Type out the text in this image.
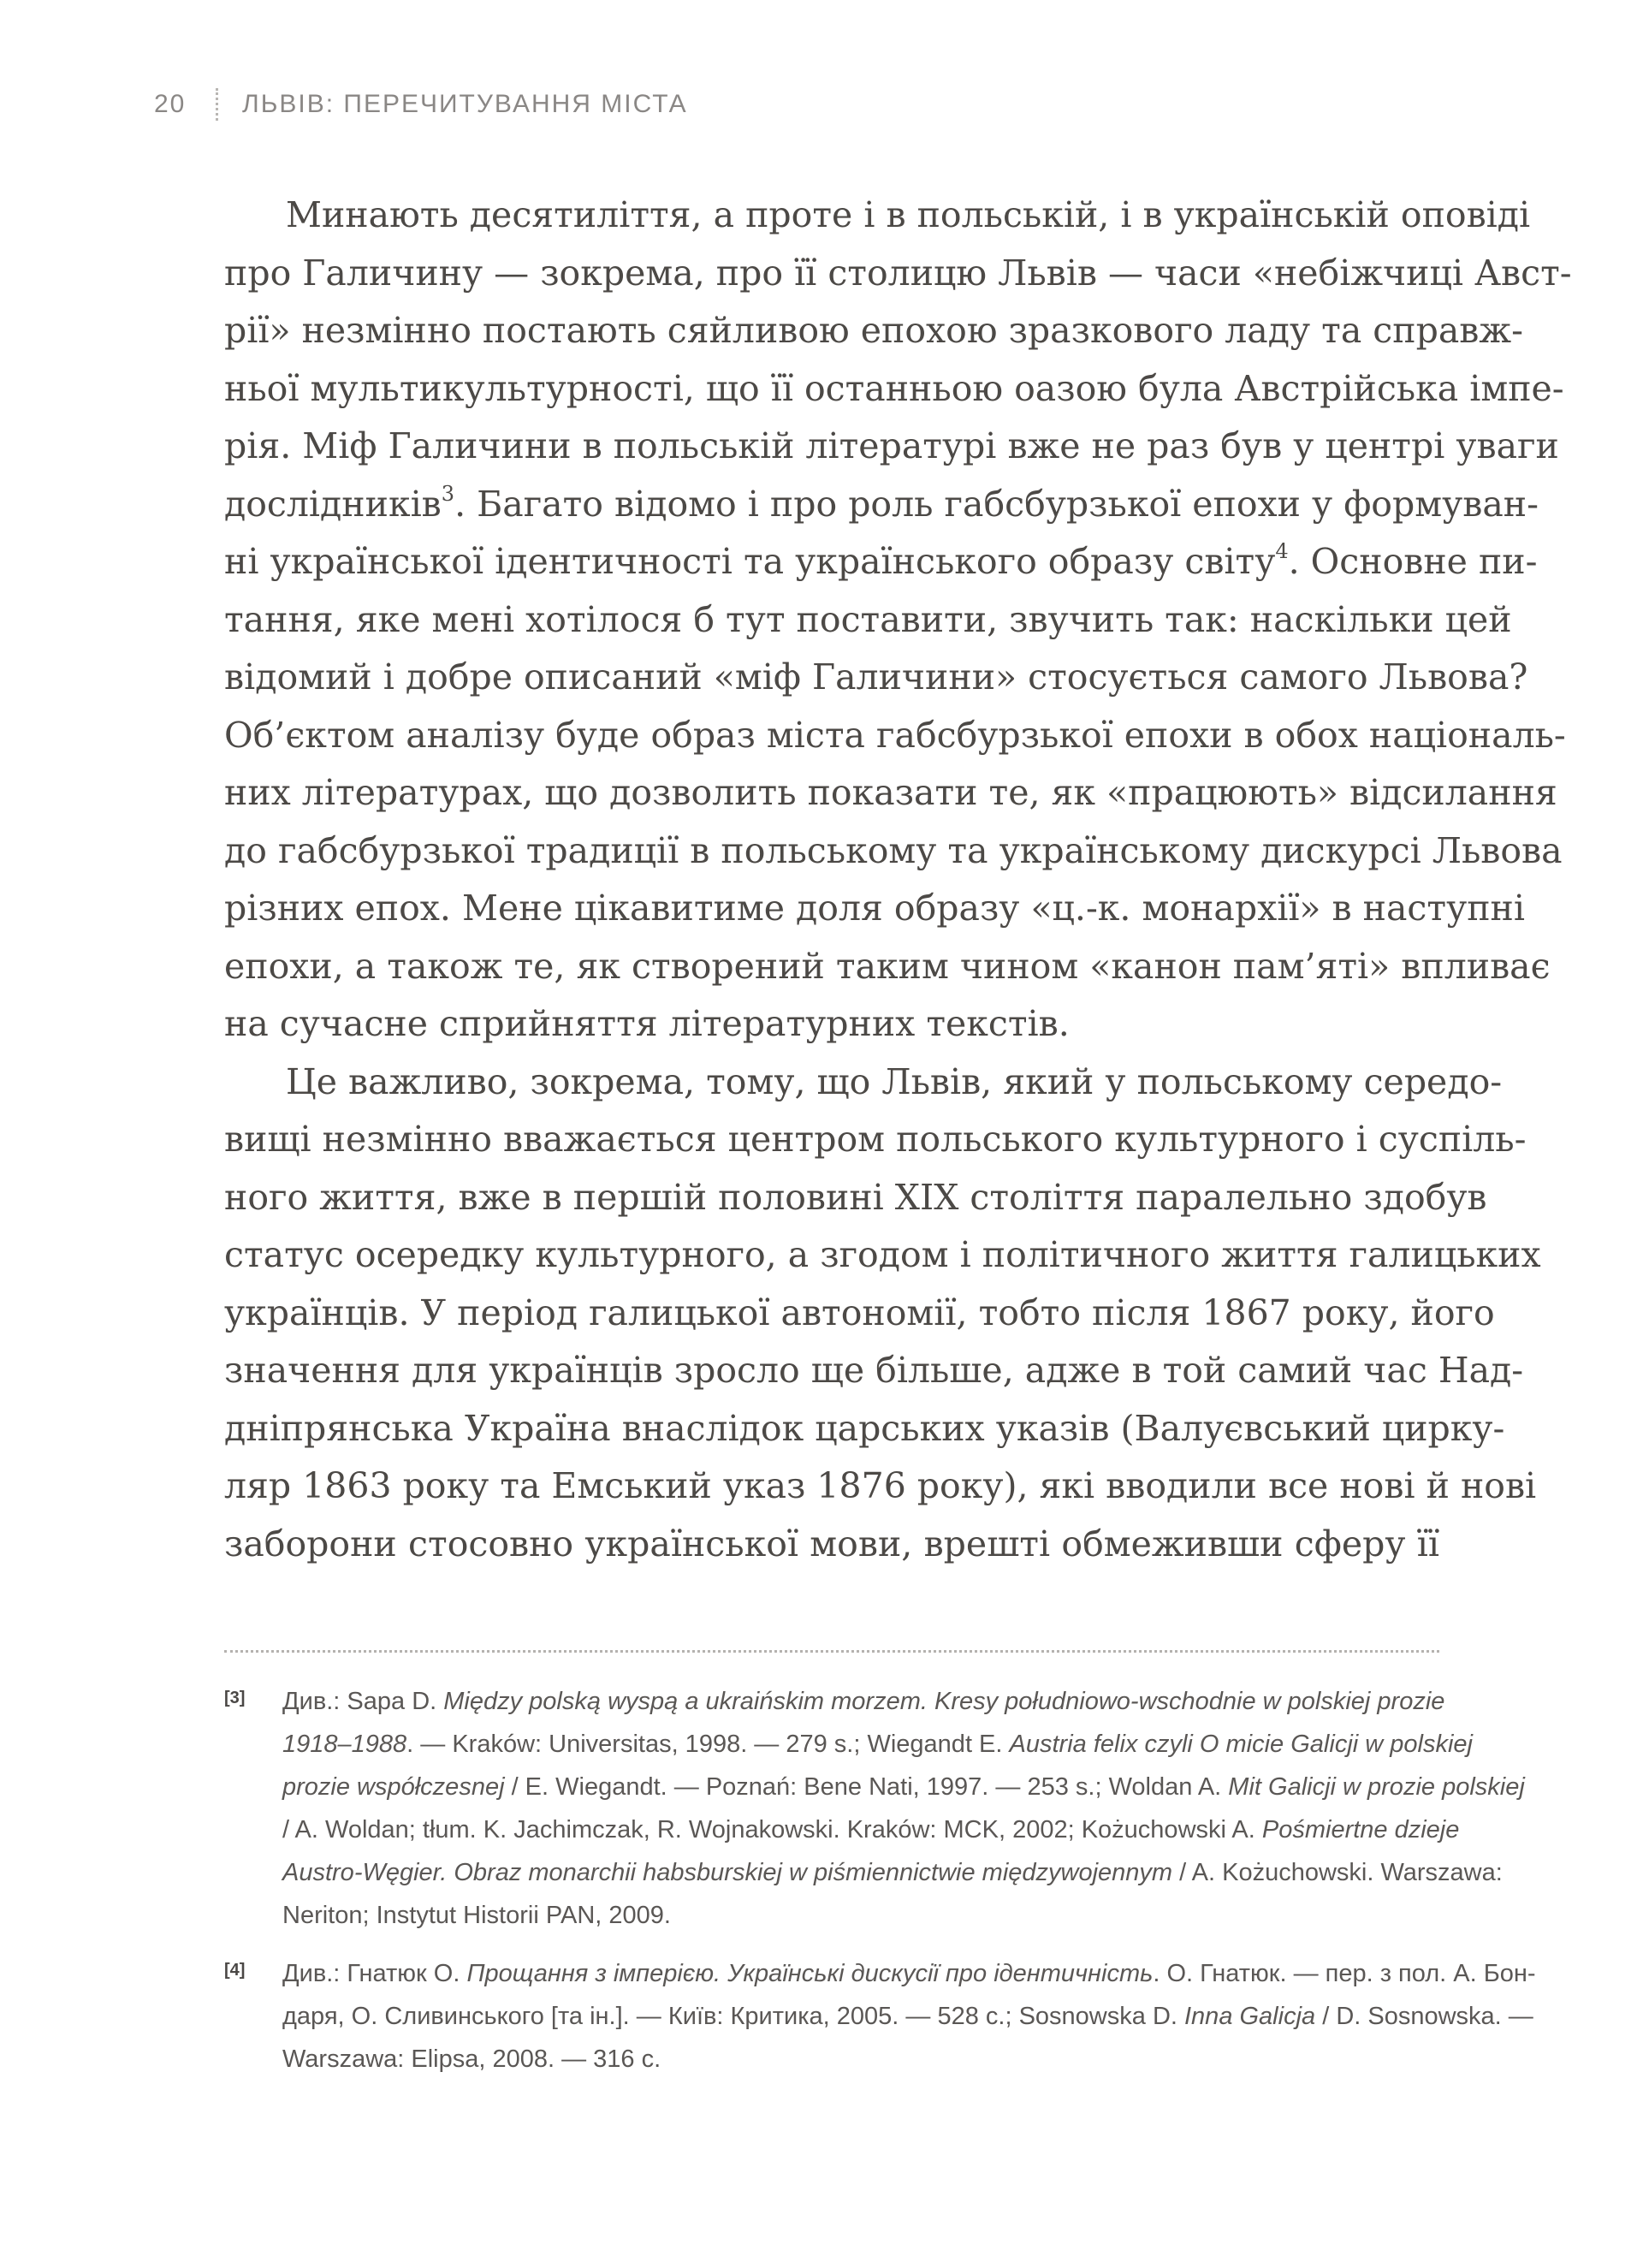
20	ЛЬВІВ: ПЕРЕЧИТУВАННЯ МІСТА

Минають десятиліття, а проте і в польській, і в українській оповіді
про Галичину — зокрема, про її столицю Львів — часи «небіжчиці Авст-
рії» незмінно постають сяйливою епохою зразкового ладу та справж-
ньої мультикультурності, що її останньою оазою була Австрійська імпе-
рія. Міф Галичини в польській літературі вже не раз був у центрі уваги
дослідників$^3$. Багато відомо і про роль габсбурзької епохи у формуван-
ні української ідентичності та українського образу світу$^4$. Основне пи-
тання, яке мені хотілося б тут поставити, звучить так: наскільки цей
відомий і добре описаний «міф Галичини» стосується самого Львова?
Об’єктом аналізу буде образ міста габсбурзької епохи в обох національ-
них літературах, що дозволить показати те, як «працюють» відсилання
до габсбурзької традиції в польському та українському дискурсі Львова
різних епох. Мене цікавитиме доля образу «ц.-к. монархії» в наступні
епохи, а також те, як створений таким чином «канон пам’яті» впливає
на сучасне сприйняття літературних текстів.

Це важливо, зокрема, тому, що Львів, який у польському середо-
вищі незмінно вважається центром польського культурного і суспіль-
ного життя, вже в першій половині XIX століття паралельно здобув
статус осередку культурного, а згодом і політичного життя галицьких
українців. У період галицької автономії, тобто після 1867 року, його
значення для українців зросло ще більше, адже в той самий час Над-
дніпрянська Україна внаслідок царських указів (Валуєвський цирку-
ляр 1863 року та Емський указ 1876 року), які вводили все нові й нові
заборони стосовно української мови, врешті обмеживши сферу її

[3] Див.: Sapa D. Między polską wyspą a ukraińskim morzem. Kresy południowo-wschodnie w polskiej prozie
1918–1988. — Kraków: Universitas, 1998. — 279 s.; Wiegandt E. Austria felix czyli O micie Galicji w polskiej
prozie współczesnej / E. Wiegandt. — Poznań: Bene Nati, 1997. — 253 s.; Woldan A. Mit Galicji w prozie polskiej
/ A. Woldan; tłum. K. Jachimczak, R. Wojnakowski. Kraków: MCK, 2002; Kożuchowski A. Pośmiertne dzieje
Austro-Węgier. Obraz monarchii habsburskiej w piśmiennictwie międzywojennym / A. Kożuchowski. Warszawa:
Neriton; Instytut Historii PAN, 2009.
[4] Див.: Гнатюк О. Прощання з імперією. Українські дискусії про ідентичність. О. Гнатюк. — пер. з пол. А. Бон-
даря, О. Сливинського [та ін.]. — Київ: Критика, 2005. — 528 с.; Sosnowska D. Inna Galicja / D. Sosnowska. —
Warszawa: Elipsa, 2008. — 316 с.
